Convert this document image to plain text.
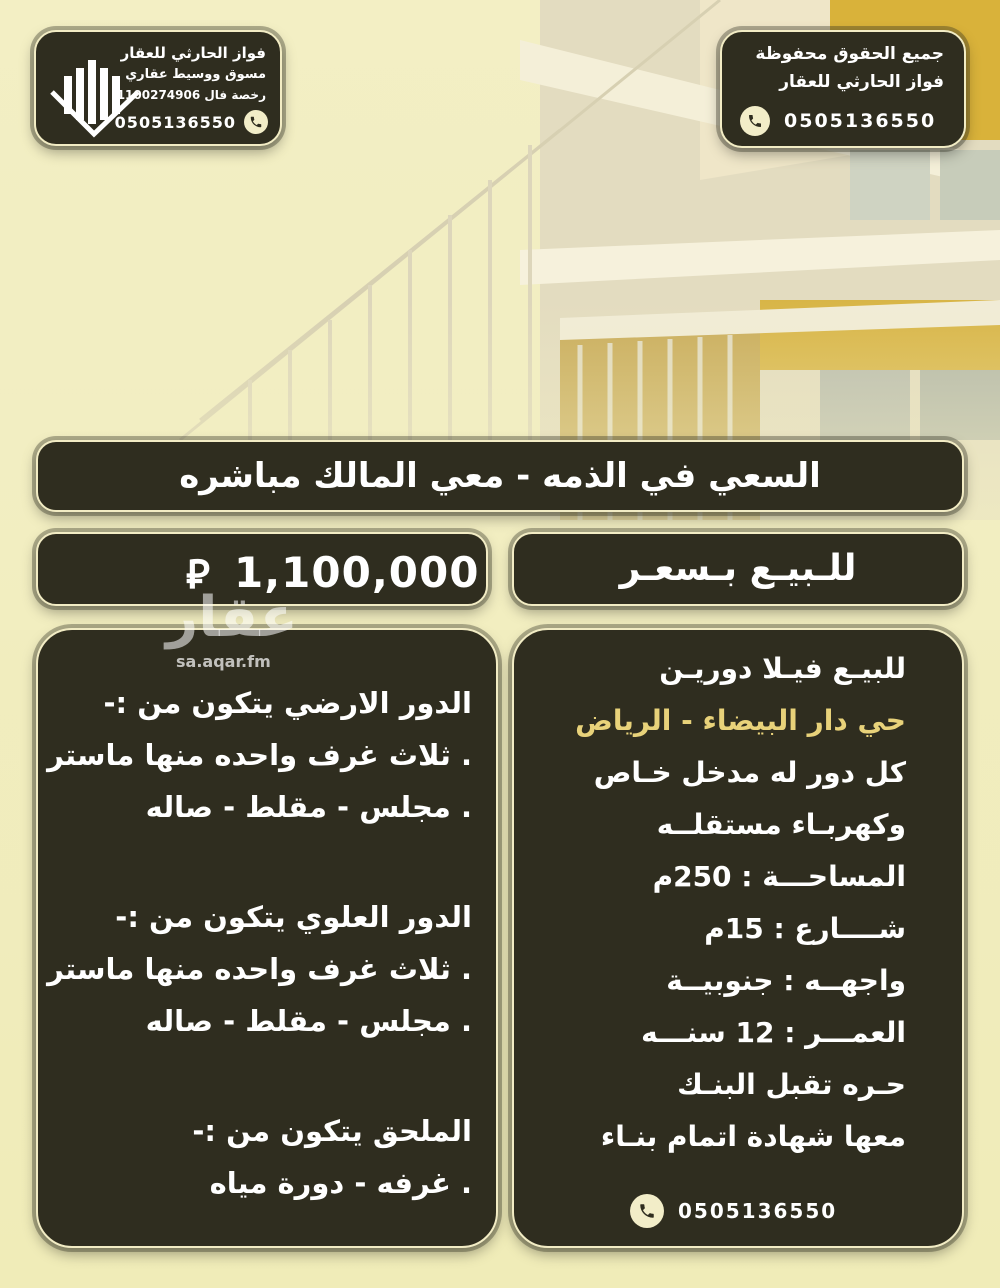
فواز الحارثي للعقار
مسوق ووسيط عقاري
رخصة فال 1100274906
0505136550
جميع الحقوق محفوظة
فواز الحارثي للعقار
0505136550
السعي في الذمه - معي المالك مباشره
1,100,000
⃁	للـبيـع بـسعـر
الدور الارضي يتكون من :-
. ثلاث غرف واحده منها ماستر
. مجلس - مقلط - صاله
الدور العلوي يتكون من :-
. ثلاث غرف واحده منها ماستر
. مجلس - مقلط - صاله
الملحق يتكون من :-
. غرفه - دورة مياه
عقار
sa.aqar.fm	للبيـع فيـلا دوريـن
حي دار البيضاء - الرياض
كل دور له مدخل خـاص
وكهربـاء مستقلــه
المساحـــة : 250م
شــــارع : 15م
واجهــه : جنوبيــة
العمـــر : 12 سنـــه
حـره تقبل البنـك
معها شهادة اتمام بنـاء
0505136550
